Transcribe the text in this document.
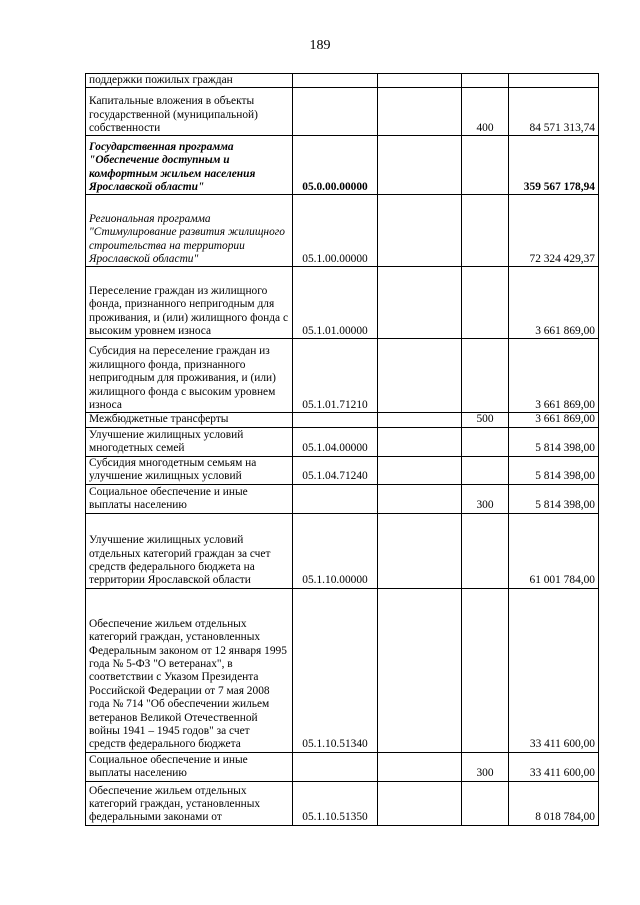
189
поддержки пожилых граждан				
Капитальные вложения в объекты государственной (муниципальной) собственности			400	84 571 313,74
Государственная программа "Обеспечение доступным и комфортным жильем населения Ярославской области"	05.0.00.00000			359 567 178,94
Региональная программа "Стимулирование развития жилищного строительства на территории Ярославской области"	05.1.00.00000			72 324 429,37
Переселение граждан из жилищного фонда, признанного непригодным для проживания, и (или) жилищного фонда с высоким уровнем износа	05.1.01.00000			3 661 869,00
Субсидия на переселение граждан из жилищного фонда, признанного непригодным для проживания, и (или) жилищного фонда с высоким уровнем износа	05.1.01.71210			3 661 869,00
Межбюджетные трансферты			500	3 661 869,00
Улучшение жилищных условий многодетных семей	05.1.04.00000			5 814 398,00
Субсидия многодетным семьям на улучшение жилищных условий	05.1.04.71240			5 814 398,00
Социальное обеспечение и иные выплаты населению			300	5 814 398,00
Улучшение жилищных условий отдельных категорий граждан за счет средств федерального бюджета на территории Ярославской области	05.1.10.00000			61 001 784,00
Обеспечение жильем отдельных категорий граждан, установленных Федеральным законом от 12 января 1995 года № 5-ФЗ "О ветеранах", в соответствии с Указом Президента Российской Федерации от 7 мая 2008 года № 714 "Об обеспечении жильем ветеранов Великой Отечественной войны 1941 – 1945 годов" за счет средств федерального бюджета	05.1.10.51340			33 411 600,00
Социальное обеспечение и иные выплаты населению			300	33 411 600,00
Обеспечение жильем отдельных категорий граждан, установленных федеральными законами от	05.1.10.51350			8 018 784,00
